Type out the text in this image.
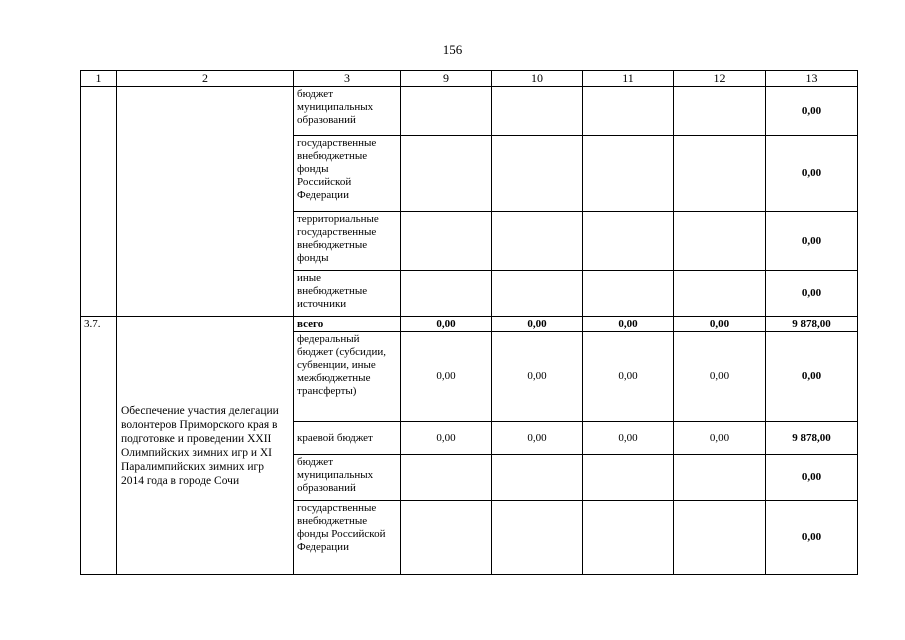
156
1	2	3	9	10	11	12	13

		бюджет
муниципальных
образований					0,00

		государственные
внебюджетные
фонды
Российской
Федерации					0,00

		территориальные
государственные
внебюджетные
фонды					0,00

		иные
внебюджетные
источники					0,00
3.7.	Обеспечение участия делегации волонтеров Приморского края в подготовке и проведении XXII Олимпийских зимних игр и XI Паралимпийских зимних игр 2014 года в городе Сочи	всего	0,00	0,00	0,00	0,00	9 878,00
		федеральный бюджет (субсидии, субвенции, иные межбюджетные трансферты)	0,00	0,00	0,00	0,00	0,00
		краевой бюджет	0,00	0,00	0,00	0,00	9 878,00
		бюджет муниципальных образований					0,00
		государственные внебюджетные фонды Российской Федерации					0,00
